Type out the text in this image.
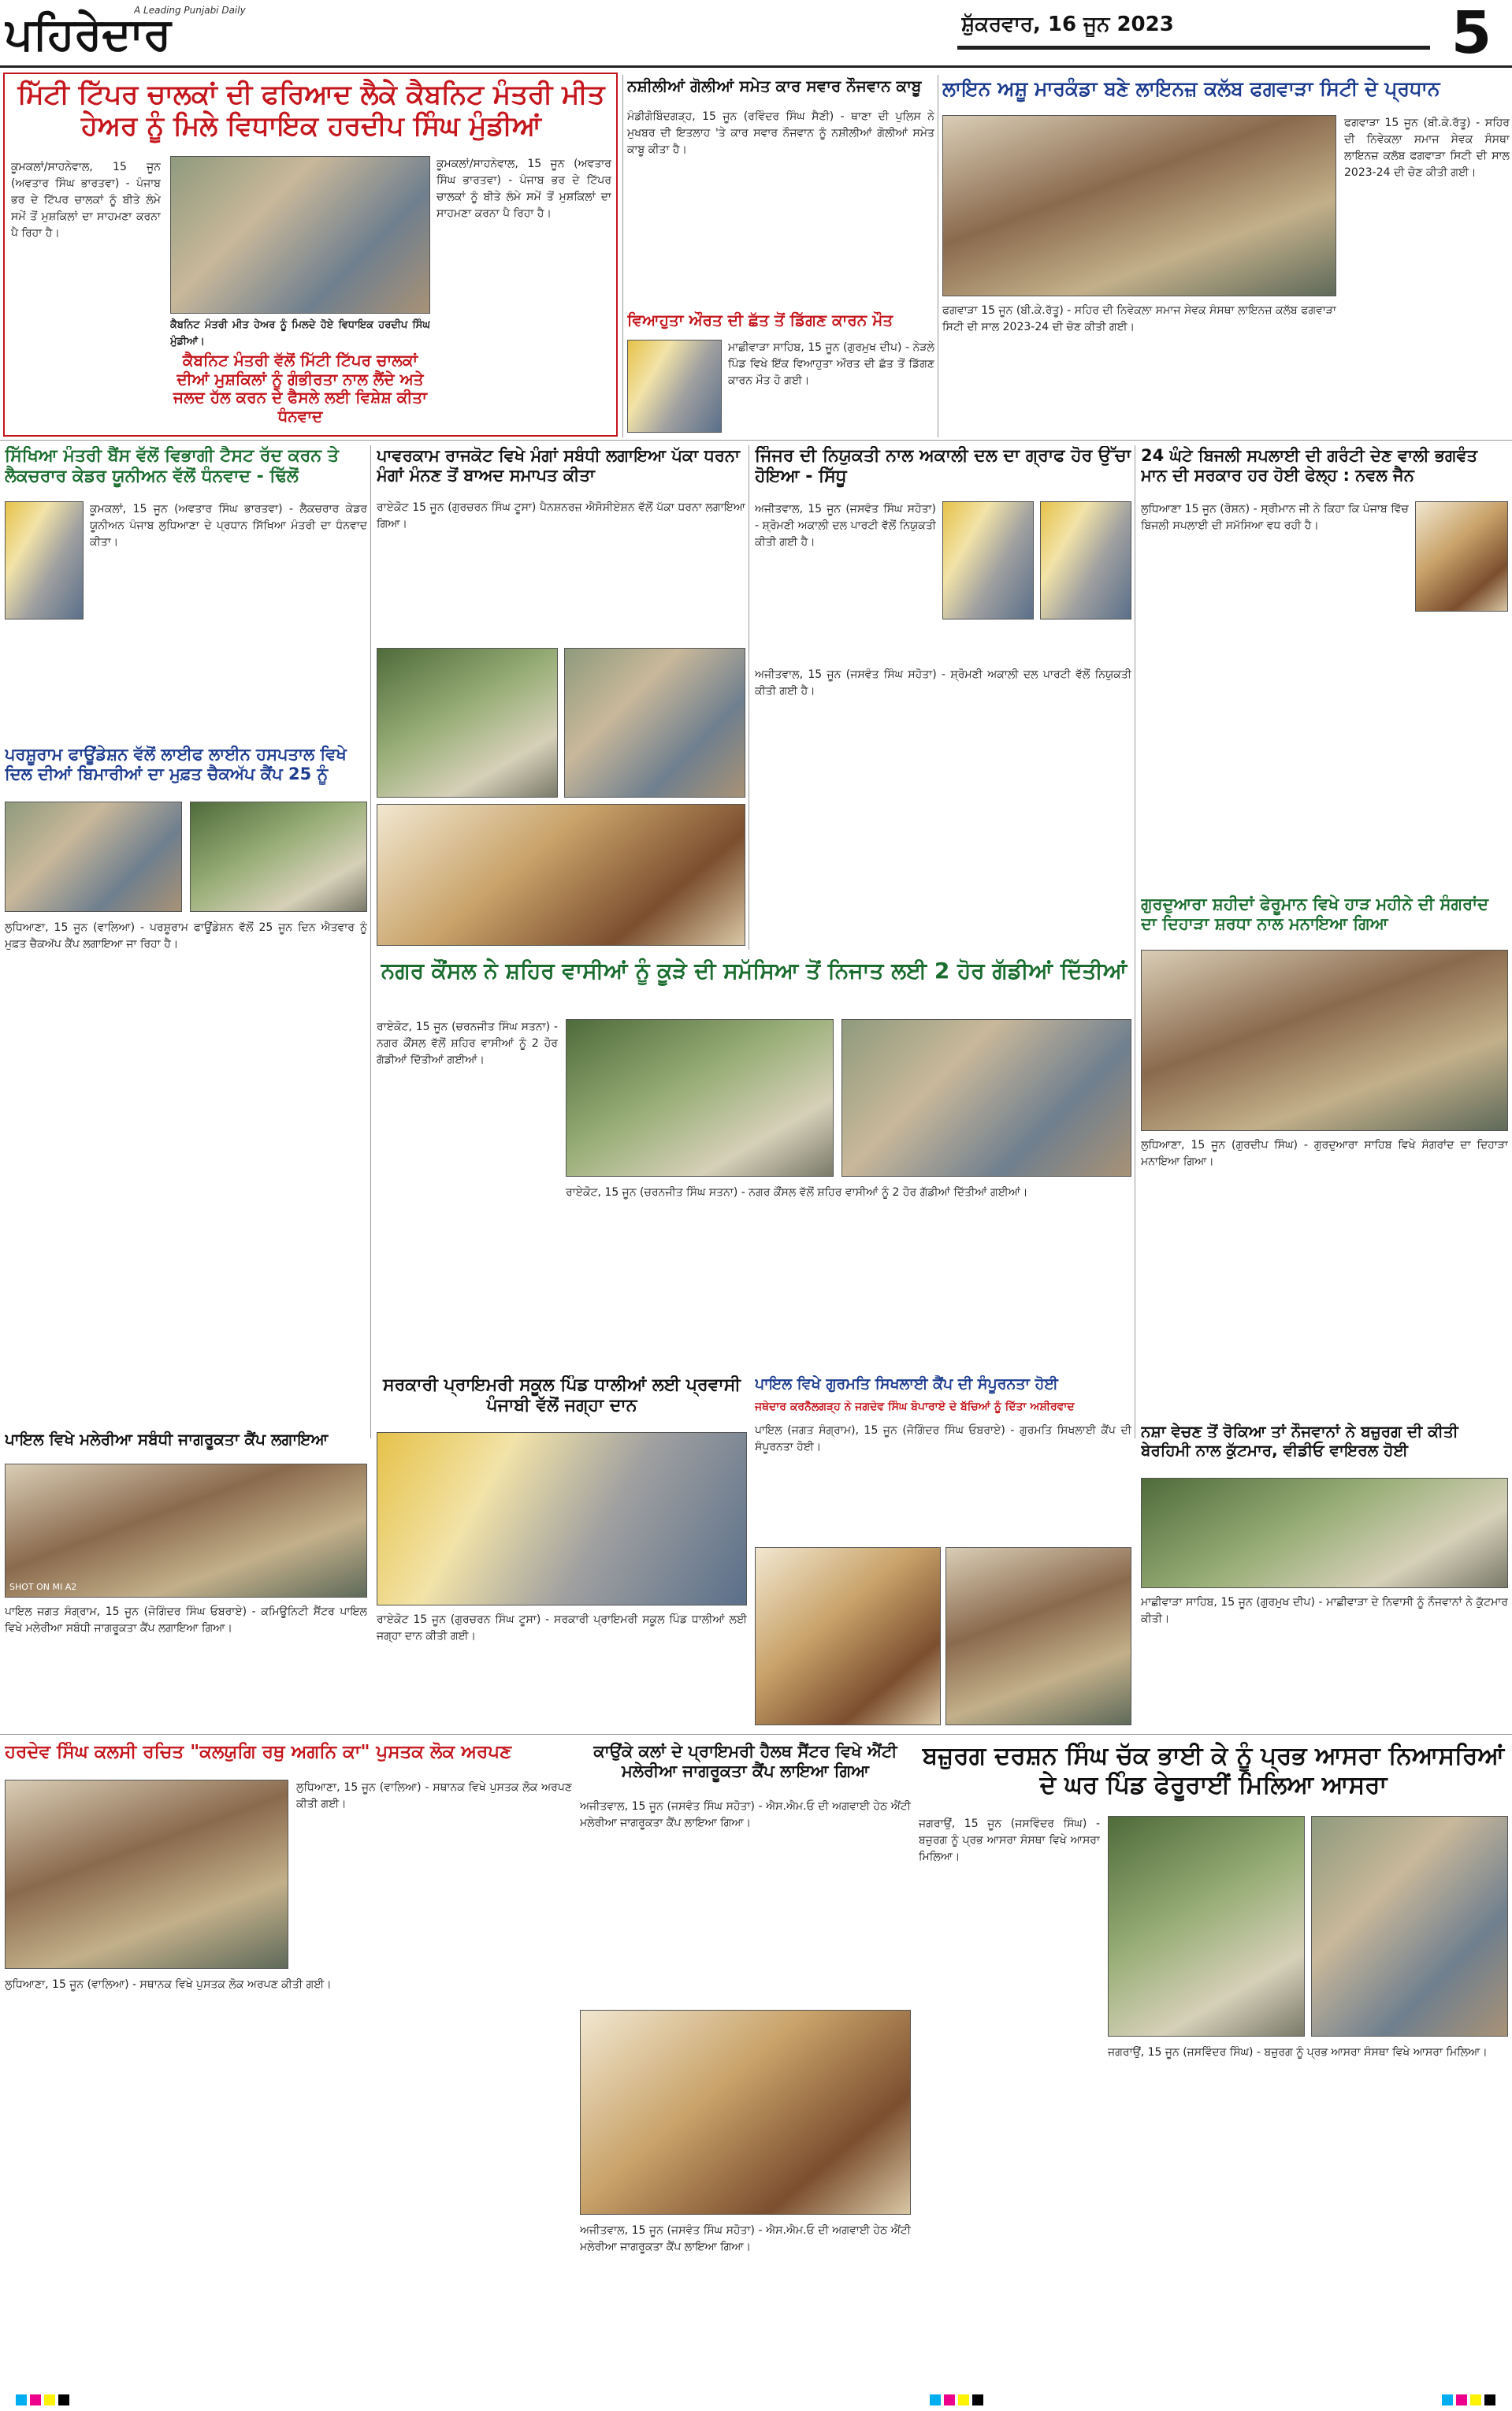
ਪਹਿਰੇਦਾਰ
A Leading Punjabi Daily
ਸ਼ੁੱਕਰਵਾਰ, 16 ਜੂਨ 2023	5
ਮਿੱਟੀ ਟਿੱਪਰ ਚਾਲਕਾਂ ਦੀ ਫਰਿਆਦ ਲੈਕੇ ਕੈਬਨਿਟ ਮੰਤਰੀ ਮੀਤ ਹੇਅਰ ਨੂੰ ਮਿਲੇ ਵਿਧਾਇਕ ਹਰਦੀਪ ਸਿੰਘ ਮੁੰਡੀਆਂ
ਕੂਮਕਲਾਂ/ਸਾਹਨੇਵਾਲ, 15 ਜੂਨ (ਅਵਤਾਰ ਸਿੰਘ ਭਾਰਤਵਾ) - ਪੰਜਾਬ ਭਰ ਦੇ ਟਿੱਪਰ ਚਾਲਕਾਂ ਨੂੰ ਬੀਤੇ ਲੰਮੇ ਸਮੇਂ ਤੋਂ ਮੁਸ਼ਕਿਲਾਂ ਦਾ ਸਾਹਮਣਾ ਕਰਨਾ ਪੈ ਰਿਹਾ ਹੈ।
ਕੂਮਕਲਾਂ/ਸਾਹਨੇਵਾਲ, 15 ਜੂਨ (ਅਵਤਾਰ ਸਿੰਘ ਭਾਰਤਵਾ) - ਪੰਜਾਬ ਭਰ ਦੇ ਟਿੱਪਰ ਚਾਲਕਾਂ ਨੂੰ ਬੀਤੇ ਲੰਮੇ ਸਮੇਂ ਤੋਂ ਮੁਸ਼ਕਿਲਾਂ ਦਾ ਸਾਹਮਣਾ ਕਰਨਾ ਪੈ ਰਿਹਾ ਹੈ।
ਕੈਬਨਿਟ ਮੰਤਰੀ ਮੀਤ ਹੇਅਰ ਨੂੰ ਮਿਲਦੇ ਹੋਏ ਵਿਧਾਇਕ ਹਰਦੀਪ ਸਿੰਘ ਮੁੰਡੀਆਂ।
ਕੈਬਨਿਟ ਮੰਤਰੀ ਵੱਲੋਂ ਮਿੱਟੀ ਟਿੱਪਰ ਚਾਲਕਾਂ ਦੀਆਂ ਮੁਸ਼ਕਿਲਾਂ ਨੂੰ ਗੰਭੀਰਤਾ ਨਾਲ ਲੈਂਦੇ ਅਤੇ ਜਲਦ ਹੱਲ ਕਰਨ ਦੇ ਫੈਸਲੇ ਲਈ ਵਿਸ਼ੇਸ਼ ਕੀਤਾ ਧੰਨਵਾਦ
ਨਸ਼ੀਲੀਆਂ ਗੋਲੀਆਂ ਸਮੇਤ ਕਾਰ ਸਵਾਰ ਨੌਜਵਾਨ ਕਾਬੂ
ਮੰਡੀਗੋਬਿੰਦਗੜ੍ਹ, 15 ਜੂਨ (ਰਵਿੰਦਰ ਸਿੰਘ ਸੈਣੀ) - ਥਾਣਾ ਦੀ ਪੁਲਿਸ ਨੇ ਮੁਖਬਰ ਦੀ ਇਤਲਾਹ 'ਤੇ ਕਾਰ ਸਵਾਰ ਨੌਜਵਾਨ ਨੂੰ ਨਸ਼ੀਲੀਆਂ ਗੋਲੀਆਂ ਸਮੇਤ ਕਾਬੂ ਕੀਤਾ ਹੈ।
ਵਿਆਹੁਤਾ ਔਰਤ ਦੀ ਛੱਤ ਤੋਂ ਡਿੱਗਣ ਕਾਰਨ ਮੌਤ
ਮਾਛੀਵਾੜਾ ਸਾਹਿਬ, 15 ਜੂਨ (ਗੁਰਮੁਖ ਦੀਪ) - ਨੇੜਲੇ ਪਿੰਡ ਵਿਖੇ ਇੱਕ ਵਿਆਹੁਤਾ ਔਰਤ ਦੀ ਛੱਤ ਤੋਂ ਡਿੱਗਣ ਕਾਰਨ ਮੌਤ ਹੋ ਗਈ।
ਲਾਇਨ ਅਸ਼ੂ ਮਾਰਕੰਡਾ ਬਣੇ ਲਾਇਨਜ਼ ਕਲੱਬ ਫਗਵਾੜਾ ਸਿਟੀ ਦੇ ਪ੍ਰਧਾਨ
ਫਗਵਾੜਾ 15 ਜੂਨ (ਬੀ.ਕੇ.ਰੱਤੂ) - ਸਹਿਰ ਦੀ ਨਿਵੇਕਲਾ ਸਮਾਜ ਸੇਵਕ ਸੰਸਥਾ ਲਾਇਨਜ਼ ਕਲੱਬ ਫਗਵਾੜਾ ਸਿਟੀ ਦੀ ਸਾਲ 2023-24 ਦੀ ਚੋਣ ਕੀਤੀ ਗਈ।
ਫਗਵਾੜਾ 15 ਜੂਨ (ਬੀ.ਕੇ.ਰੱਤੂ) - ਸਹਿਰ ਦੀ ਨਿਵੇਕਲਾ ਸਮਾਜ ਸੇਵਕ ਸੰਸਥਾ ਲਾਇਨਜ਼ ਕਲੱਬ ਫਗਵਾੜਾ ਸਿਟੀ ਦੀ ਸਾਲ 2023-24 ਦੀ ਚੋਣ ਕੀਤੀ ਗਈ।
ਸਿੱਖਿਆ ਮੰਤਰੀ ਬੈਂਸ ਵੱਲੋਂ ਵਿਭਾਗੀ ਟੈਸਟ ਰੱਦ ਕਰਨ ਤੇ ਲੈਕਚਰਾਰ ਕੇਡਰ ਯੂਨੀਅਨ ਵੱਲੋਂ ਧੰਨਵਾਦ - ਢਿੱਲੋਂ
ਕੂਮਕਲਾਂ, 15 ਜੂਨ (ਅਵਤਾਰ ਸਿੰਘ ਭਾਰਤਵਾ) - ਲੈਕਚਰਾਰ ਕੇਡਰ ਯੂਨੀਅਨ ਪੰਜਾਬ ਲੁਧਿਆਣਾ ਦੇ ਪ੍ਰਧਾਨ ਸਿੱਖਿਆ ਮੰਤਰੀ ਦਾ ਧੰਨਵਾਦ ਕੀਤਾ।
ਪਰਸ਼ੂਰਾਮ ਫਾਊਂਡੇਸ਼ਨ ਵੱਲੋਂ ਲਾਈਫ ਲਾਈਨ ਹਸਪਤਾਲ ਵਿਖੇ ਦਿਲ ਦੀਆਂ ਬਿਮਾਰੀਆਂ ਦਾ ਮੁਫ਼ਤ ਚੈਕਅੱਪ ਕੈਂਪ 25 ਨੂੰ
ਲੁਧਿਆਣਾ, 15 ਜੂਨ (ਵਾਲਿਆ) - ਪਰਸ਼ੂਰਾਮ ਫਾਊਂਡੇਸ਼ਨ ਵੱਲੋਂ 25 ਜੂਨ ਦਿਨ ਐਤਵਾਰ ਨੂੰ ਮੁਫ਼ਤ ਚੈਕਅੱਪ ਕੈਂਪ ਲਗਾਇਆ ਜਾ ਰਿਹਾ ਹੈ।
ਪਾਇਲ ਵਿਖੇ ਮਲੇਰੀਆ ਸਬੰਧੀ ਜਾਗਰੂਕਤਾ ਕੈਂਪ ਲਗਾਇਆ
SHOT ON MI A2
ਪਾਇਲ ਜਗਤ ਸੰਗ੍ਰਾਮ, 15 ਜੂਨ (ਜੋਗਿੰਦਰ ਸਿੰਘ ਓਬਰਾਏ) - ਕਮਿਊਨਿਟੀ ਸੈਂਟਰ ਪਾਇਲ ਵਿਖੇ ਮਲੇਰੀਆ ਸਬੰਧੀ ਜਾਗਰੂਕਤਾ ਕੈਂਪ ਲਗਾਇਆ ਗਿਆ।
ਪਾਵਰਕਾਮ ਰਾਜਕੋਟ ਵਿਖੇ ਮੰਗਾਂ ਸਬੰਧੀ ਲਗਾਇਆ ਪੱਕਾ ਧਰਨਾ ਮੰਗਾਂ ਮੰਨਣ ਤੋਂ ਬਾਅਦ ਸਮਾਪਤ ਕੀਤਾ
ਰਾਏਕੋਟ 15 ਜੂਨ (ਗੁਰਚਰਨ ਸਿੰਘ ਟੂਸਾ) ਪੈਨਸ਼ਨਰਜ਼ ਐਸੋਸੀਏਸ਼ਨ ਵੱਲੋਂ ਪੱਕਾ ਧਰਨਾ ਲਗਾਇਆ ਗਿਆ।
ਜਿੰਜਰ ਦੀ ਨਿਯੁਕਤੀ ਨਾਲ ਅਕਾਲੀ ਦਲ ਦਾ ਗ੍ਰਾਫ ਹੋਰ ਉੱਚਾ ਹੋਇਆ - ਸਿੱਧੂ
ਅਜੀਤਵਾਲ, 15 ਜੂਨ (ਜਸਵੰਤ ਸਿੰਘ ਸਹੋਤਾ) - ਸ਼੍ਰੋਮਣੀ ਅਕਾਲੀ ਦਲ ਪਾਰਟੀ ਵੱਲੋਂ ਨਿਯੁਕਤੀ ਕੀਤੀ ਗਈ ਹੈ।
ਅਜੀਤਵਾਲ, 15 ਜੂਨ (ਜਸਵੰਤ ਸਿੰਘ ਸਹੋਤਾ) - ਸ਼੍ਰੋਮਣੀ ਅਕਾਲੀ ਦਲ ਪਾਰਟੀ ਵੱਲੋਂ ਨਿਯੁਕਤੀ ਕੀਤੀ ਗਈ ਹੈ।
24 ਘੰਟੇ ਬਿਜਲੀ ਸਪਲਾਈ ਦੀ ਗਰੰਟੀ ਦੇਣ ਵਾਲੀ ਭਗਵੰਤ ਮਾਨ ਦੀ ਸਰਕਾਰ ਹਰ ਹੋਈ ਫੇਲ੍ਹ : ਨਵਲ ਜੈਨ
ਲੁਧਿਆਣਾ 15 ਜੂਨ (ਰੋਸ਼ਨ) - ਸ੍ਰੀਮਾਨ ਜੀ ਨੇ ਕਿਹਾ ਕਿ ਪੰਜਾਬ ਵਿੱਚ ਬਿਜਲੀ ਸਪਲਾਈ ਦੀ ਸਮੱਸਿਆ ਵਧ ਰਹੀ ਹੈ।
ਗੁਰਦੁਆਰਾ ਸ਼ਹੀਦਾਂ ਫੇਰੂਮਾਨ ਵਿਖੇ ਹਾੜ ਮਹੀਨੇ ਦੀ ਸੰਗਰਾਂਦ ਦਾ ਦਿਹਾੜਾ ਸ਼ਰਧਾ ਨਾਲ ਮਨਾਇਆ ਗਿਆ
ਲੁਧਿਆਣਾ, 15 ਜੂਨ (ਗੁਰਦੀਪ ਸਿੰਘ) - ਗੁਰਦੁਆਰਾ ਸਾਹਿਬ ਵਿਖੇ ਸੰਗਰਾਂਦ ਦਾ ਦਿਹਾੜਾ ਮਨਾਇਆ ਗਿਆ।
ਨਗਰ ਕੌਂਸਲ ਨੇ ਸ਼ਹਿਰ ਵਾਸੀਆਂ ਨੂੰ ਕੂੜੇ ਦੀ ਸਮੱਸਿਆ ਤੋਂ ਨਿਜਾਤ ਲਈ 2 ਹੋਰ ਗੱਡੀਆਂ ਦਿੱਤੀਆਂ
ਰਾਏਕੋਟ, 15 ਜੂਨ (ਚਰਨਜੀਤ ਸਿੰਘ ਸਤਨਾ) - ਨਗਰ ਕੌਂਸਲ ਵੱਲੋਂ ਸ਼ਹਿਰ ਵਾਸੀਆਂ ਨੂੰ 2 ਹੋਰ ਗੱਡੀਆਂ ਦਿੱਤੀਆਂ ਗਈਆਂ।
ਰਾਏਕੋਟ, 15 ਜੂਨ (ਚਰਨਜੀਤ ਸਿੰਘ ਸਤਨਾ) - ਨਗਰ ਕੌਂਸਲ ਵੱਲੋਂ ਸ਼ਹਿਰ ਵਾਸੀਆਂ ਨੂੰ 2 ਹੋਰ ਗੱਡੀਆਂ ਦਿੱਤੀਆਂ ਗਈਆਂ।
ਪਾਇਲ ਵਿਖੇ ਗੁਰਮਤਿ ਸਿਖਲਾਈ ਕੈਂਪ ਦੀ ਸੰਪੂਰਨਤਾ ਹੋਈ
ਜਥੇਦਾਰ ਕਰਨੈਲਗੜ੍ਹ ਨੇ ਜਗਦੇਵ ਸਿੰਘ ਬੋਪਾਰਾਏ ਦੇ ਬੱਚਿਆਂ ਨੂੰ ਦਿੱਤਾ ਅਸ਼ੀਰਵਾਦ
ਪਾਇਲ (ਜਗਤ ਸੰਗ੍ਰਾਮ), 15 ਜੂਨ (ਜੋਗਿੰਦਰ ਸਿੰਘ ਓਬਰਾਏ) - ਗੁਰਮਤਿ ਸਿਖਲਾਈ ਕੈਂਪ ਦੀ ਸੰਪੂਰਨਤਾ ਹੋਈ।
ਸਰਕਾਰੀ ਪ੍ਰਾਇਮਰੀ ਸਕੂਲ ਪਿੰਡ ਧਾਲੀਆਂ ਲਈ ਪ੍ਰਵਾਸੀ ਪੰਜਾਬੀ ਵੱਲੋਂ ਜਗ੍ਹਾ ਦਾਨ
ਰਾਏਕੋਟ 15 ਜੂਨ (ਗੁਰਚਰਨ ਸਿੰਘ ਟੂਸਾ) - ਸਰਕਾਰੀ ਪ੍ਰਾਇਮਰੀ ਸਕੂਲ ਪਿੰਡ ਧਾਲੀਆਂ ਲਈ ਜਗ੍ਹਾ ਦਾਨ ਕੀਤੀ ਗਈ।
ਨਸ਼ਾ ਵੇਚਣ ਤੋਂ ਰੋਕਿਆ ਤਾਂ ਨੌਜਵਾਨਾਂ ਨੇ ਬਜ਼ੁਰਗ ਦੀ ਕੀਤੀ ਬੇਰਹਿਮੀ ਨਾਲ ਕੁੱਟਮਾਰ, ਵੀਡੀਓ ਵਾਇਰਲ ਹੋਈ
ਮਾਛੀਵਾੜਾ ਸਾਹਿਬ, 15 ਜੂਨ (ਗੁਰਮੁਖ ਦੀਪ) - ਮਾਛੀਵਾੜਾ ਦੇ ਨਿਵਾਸੀ ਨੂੰ ਨੌਜਵਾਨਾਂ ਨੇ ਕੁੱਟਮਾਰ ਕੀਤੀ।
ਹਰਦੇਵ ਸਿੰਘ ਕਲਸੀ ਰਚਿਤ "ਕਲਯੁਗਿ ਰਥੁ ਅਗਨਿ ਕਾ" ਪੁਸਤਕ ਲੋਕ ਅਰਪਣ
ਲੁਧਿਆਣਾ, 15 ਜੂਨ (ਵਾਲਿਆ) - ਸਥਾਨਕ ਵਿਖੇ ਪੁਸਤਕ ਲੋਕ ਅਰਪਣ ਕੀਤੀ ਗਈ।
ਲੁਧਿਆਣਾ, 15 ਜੂਨ (ਵਾਲਿਆ) - ਸਥਾਨਕ ਵਿਖੇ ਪੁਸਤਕ ਲੋਕ ਅਰਪਣ ਕੀਤੀ ਗਈ।
ਕਾਉਂਕੇ ਕਲਾਂ ਦੇ ਪ੍ਰਾਇਮਰੀ ਹੈਲਥ ਸੈਂਟਰ ਵਿਖੇ ਐਂਟੀ ਮਲੇਰੀਆ ਜਾਗਰੂਕਤਾ ਕੈਂਪ ਲਾਇਆ ਗਿਆ
ਅਜੀਤਵਾਲ, 15 ਜੂਨ (ਜਸਵੰਤ ਸਿੰਘ ਸਹੋਤਾ) - ਐਸ.ਐਮ.ਓ ਦੀ ਅਗਵਾਈ ਹੇਠ ਐਂਟੀ ਮਲੇਰੀਆ ਜਾਗਰੂਕਤਾ ਕੈਂਪ ਲਾਇਆ ਗਿਆ।
ਅਜੀਤਵਾਲ, 15 ਜੂਨ (ਜਸਵੰਤ ਸਿੰਘ ਸਹੋਤਾ) - ਐਸ.ਐਮ.ਓ ਦੀ ਅਗਵਾਈ ਹੇਠ ਐਂਟੀ ਮਲੇਰੀਆ ਜਾਗਰੂਕਤਾ ਕੈਂਪ ਲਾਇਆ ਗਿਆ।
ਬਜ਼ੁਰਗ ਦਰਸ਼ਨ ਸਿੰਘ ਚੱਕ ਭਾਈ ਕੇ ਨੂੰ ਪ੍ਰਭ ਆਸਰਾ ਨਿਆਸਰਿਆਂ ਦੇ ਘਰ ਪਿੰਡ ਫੇਰੂਰਾਈਂ ਮਿਲਿਆ ਆਸਰਾ
ਜਗਰਾਉਂ, 15 ਜੂਨ (ਜਸਵਿੰਦਰ ਸਿੰਘ) - ਬਜ਼ੁਰਗ ਨੂੰ ਪ੍ਰਭ ਆਸਰਾ ਸੰਸਥਾ ਵਿਖੇ ਆਸਰਾ ਮਿਲਿਆ।
ਜਗਰਾਉਂ, 15 ਜੂਨ (ਜਸਵਿੰਦਰ ਸਿੰਘ) - ਬਜ਼ੁਰਗ ਨੂੰ ਪ੍ਰਭ ਆਸਰਾ ਸੰਸਥਾ ਵਿਖੇ ਆਸਰਾ ਮਿਲਿਆ।
